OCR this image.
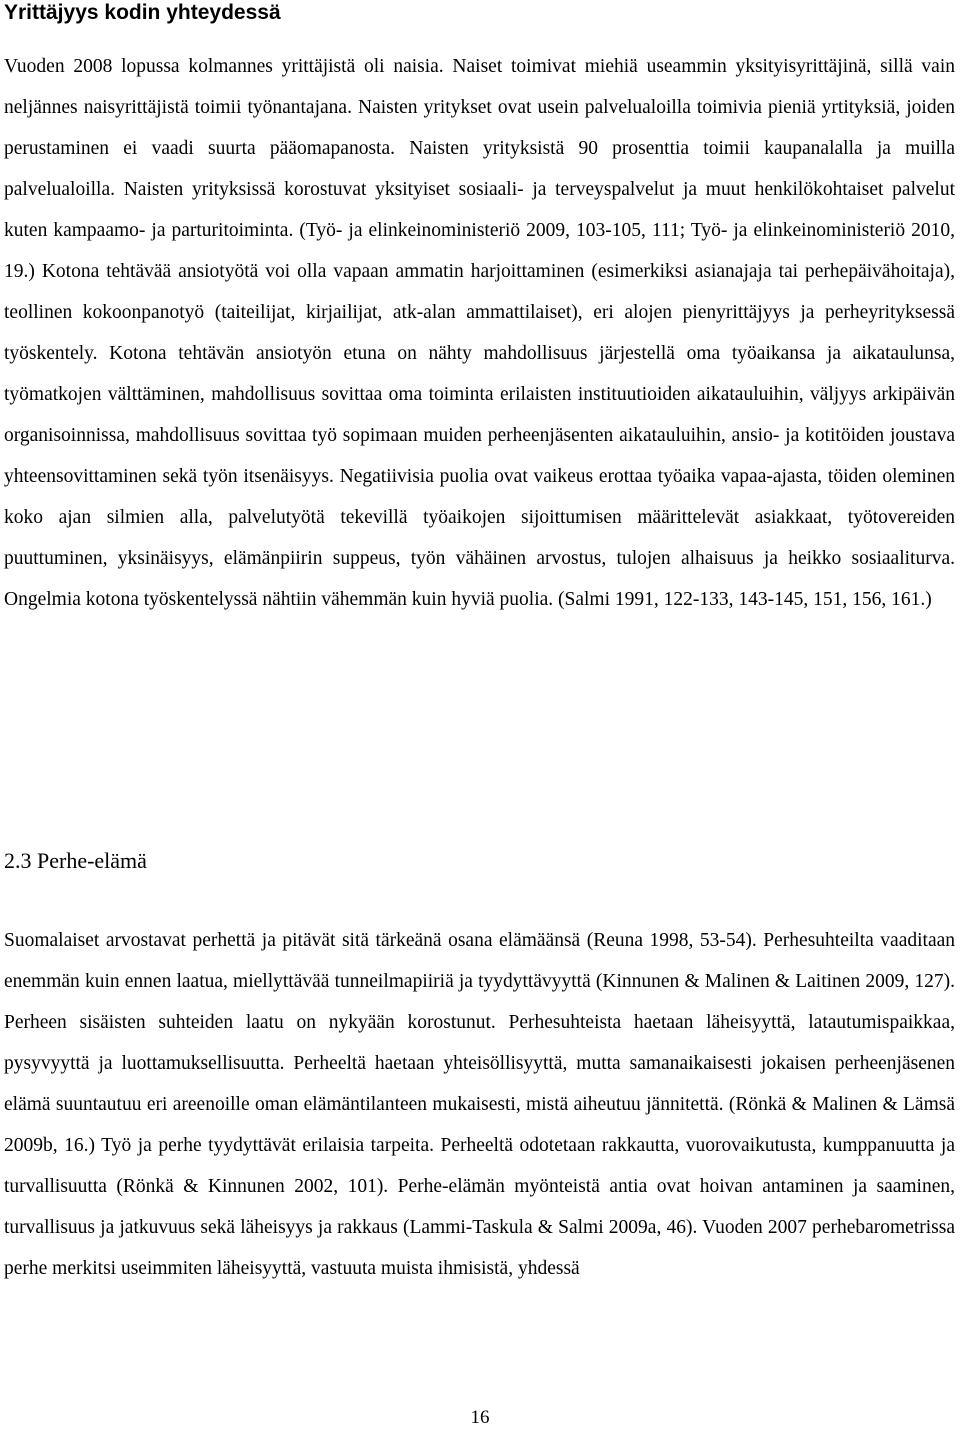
Yrittäjyys kodin yhteydessä

Vuoden 2008 lopussa kolmannes yrittäjistä oli naisia. Naiset toimivat miehiä useammin yksityisyrittäjinä, sillä vain neljännes naisyrittäjistä toimii työnantajana. Naisten yritykset ovat usein palvelualoilla toimivia pieniä yrtityksiä, joiden perustaminen ei vaadi suurta pääomapanosta. Naisten yrityksistä 90 prosenttia toimii kaupanalalla ja muilla palvelualoilla. Naisten yrityksissä korostuvat yksityiset sosiaali- ja terveyspalvelut ja muut henkilökohtaiset palvelut kuten kampaamo- ja parturitoiminta. (Työ- ja elinkeinoministeriö 2009, 103-105, 111; Työ- ja elinkeinoministeriö 2010, 19.) Kotona tehtävää ansiotyötä voi olla vapaan ammatin harjoittaminen (esimerkiksi asianajaja tai perhepäivähoitaja), teollinen kokoonpanotyö (taiteilijat, kirjailijat, atk-alan ammattilaiset), eri alojen pienyrittäjyys ja perheyrityksessä työskentely. Kotona tehtävän ansiotyön etuna on nähty mahdollisuus järjestellä oma työaikansa ja aikataulunsa, työmatkojen välttäminen, mahdollisuus sovittaa oma toiminta erilaisten instituutioiden aikatauluihin, väljyys arkipäivän organisoinnissa, mahdollisuus sovittaa työ sopimaan muiden perheenjäsenten aikatauluihin, ansio- ja kotitöiden joustava yhteensovittaminen sekä työn itsenäisyys. Negatiivisia puolia ovat vaikeus erottaa työaika vapaa-ajasta, töiden oleminen koko ajan silmien alla, palvelutyötä tekevillä työaikojen sijoittumisen määrittelevät asiakkaat, työtovereiden puuttuminen, yksinäisyys, elämänpiirin suppeus, työn vähäinen arvostus, tulojen alhaisuus ja heikko sosiaaliturva. Ongelmia kotona työskentelyssä nähtiin vähemmän kuin hyviä puolia. (Salmi 1991, 122-133, 143-145, 151, 156, 161.)

2.3 Perhe-elämä

Suomalaiset arvostavat perhettä ja pitävät sitä tärkeänä osana elämäänsä (Reuna 1998, 53-54). Perhesuhteilta vaaditaan enemmän kuin ennen laatua, miellyttävää tunneilmapiiriä ja tyydyttävyyttä (Kinnunen & Malinen & Laitinen 2009, 127). Perheen sisäisten suhteiden laatu on nykyään korostunut. Perhesuhteista haetaan läheisyyttä, latautumispaikkaa, pysyvyyttä ja luottamuksellisuutta. Perheeltä haetaan yhteisöllisyyttä, mutta samanaikaisesti jokaisen perheenjäsenen elämä suuntautuu eri areenoille oman elämäntilanteen mukaisesti, mistä aiheutuu jännitettä. (Rönkä & Malinen & Lämsä 2009b, 16.) Työ ja perhe tyydyttävät erilaisia tarpeita. Perheeltä odotetaan rakkautta, vuorovaikutusta, kumppanuutta ja turvallisuutta (Rönkä & Kinnunen 2002, 101). Perhe-elämän myönteistä antia ovat hoivan antaminen ja saaminen, turvallisuus ja jatkuvuus sekä läheisyys ja rakkaus (Lammi-Taskula & Salmi 2009a, 46). Vuoden 2007 perhebarometrissa perhe merkitsi useimmiten läheisyyttä, vastuuta muista ihmisistä, yhdessä

16
